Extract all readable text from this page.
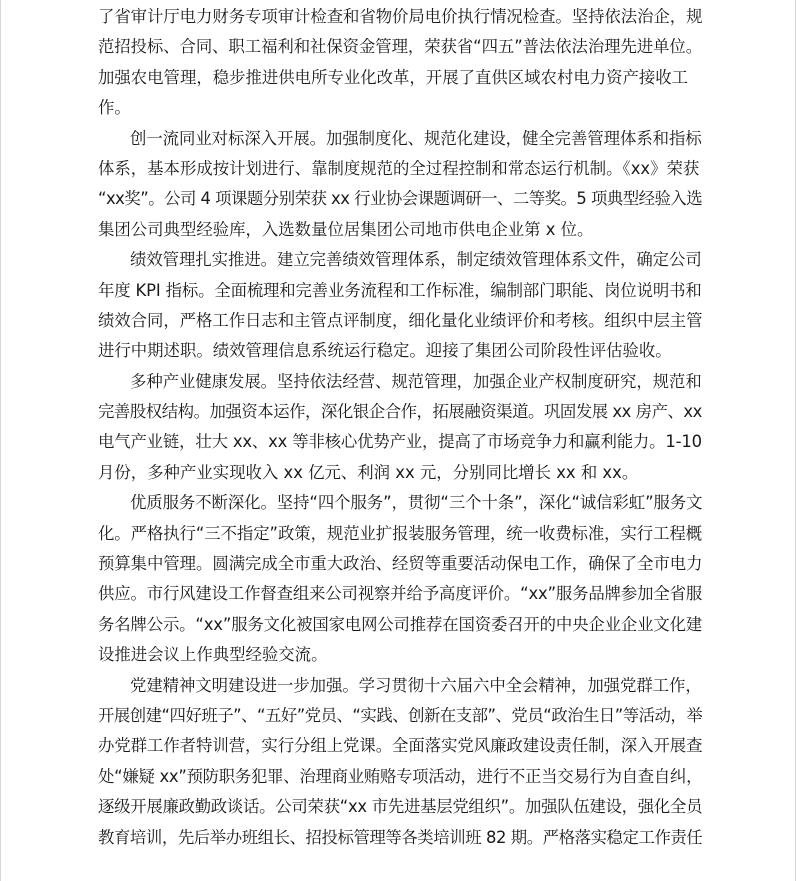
了省审计厅电力财务专项审计检查和省物价局电价执行情况检查。坚持依法治企，规
范招投标、合同、职工福利和社保资金管理，荣获省“四五”普法依法治理先进单位。
加强农电管理，稳步推进供电所专业化改革，开展了直供区域农村电力资产接收工
作。
创一流同业对标深入开展。加强制度化、规范化建设，健全完善管理体系和指标
体系，基本形成按计划进行、靠制度规范的全过程控制和常态运行机制。《xx》荣获
“xx奖”。公司 4 项课题分别荣获 xx 行业协会课题调研一、二等奖。5 项典型经验入选
集团公司典型经验库，入选数量位居集团公司地市供电企业第 x 位。
绩效管理扎实推进。建立完善绩效管理体系，制定绩效管理体系文件，确定公司
年度 KPI 指标。全面梳理和完善业务流程和工作标准，编制部门职能、岗位说明书和
绩效合同，严格工作日志和主管点评制度，细化量化业绩评价和考核。组织中层主管
进行中期述职。绩效管理信息系统运行稳定。迎接了集团公司阶段性评估验收。
多种产业健康发展。坚持依法经营、规范管理，加强企业产权制度研究，规范和
完善股权结构。加强资本运作，深化银企合作，拓展融资渠道。巩固发展 xx 房产、xx
电气产业链，壮大 xx、xx 等非核心优势产业，提高了市场竞争力和赢利能力。1-10
月份，多种产业实现收入 xx 亿元、利润 xx 元，分别同比增长 xx 和 xx。
优质服务不断深化。坚持“四个服务”，贯彻“三个十条”，深化“诚信彩虹”服务文
化。严格执行“三不指定”政策，规范业扩报装服务管理，统一收费标准，实行工程概
预算集中管理。圆满完成全市重大政治、经贸等重要活动保电工作，确保了全市电力
供应。市行风建设工作督查组来公司视察并给予高度评价。“xx”服务品牌参加全省服
务名牌公示。“xx”服务文化被国家电网公司推荐在国资委召开的中央企业企业文化建
设推进会议上作典型经验交流。
党建精神文明建设进一步加强。学习贯彻十六届六中全会精神，加强党群工作，
开展创建“四好班子”、“五好”党员、“实践、创新在支部”、党员“政治生日”等活动，举
办党群工作者特训营，实行分组上党课。全面落实党风廉政建设责任制，深入开展查
处“嫌疑 xx”预防职务犯罪、治理商业贿赂专项活动，进行不正当交易行为自查自纠，
逐级开展廉政勤政谈话。公司荣获“xx 市先进基层党组织”。加强队伍建设，强化全员
教育培训，先后举办班组长、招投标管理等各类培训班 82 期。严格落实稳定工作责任
